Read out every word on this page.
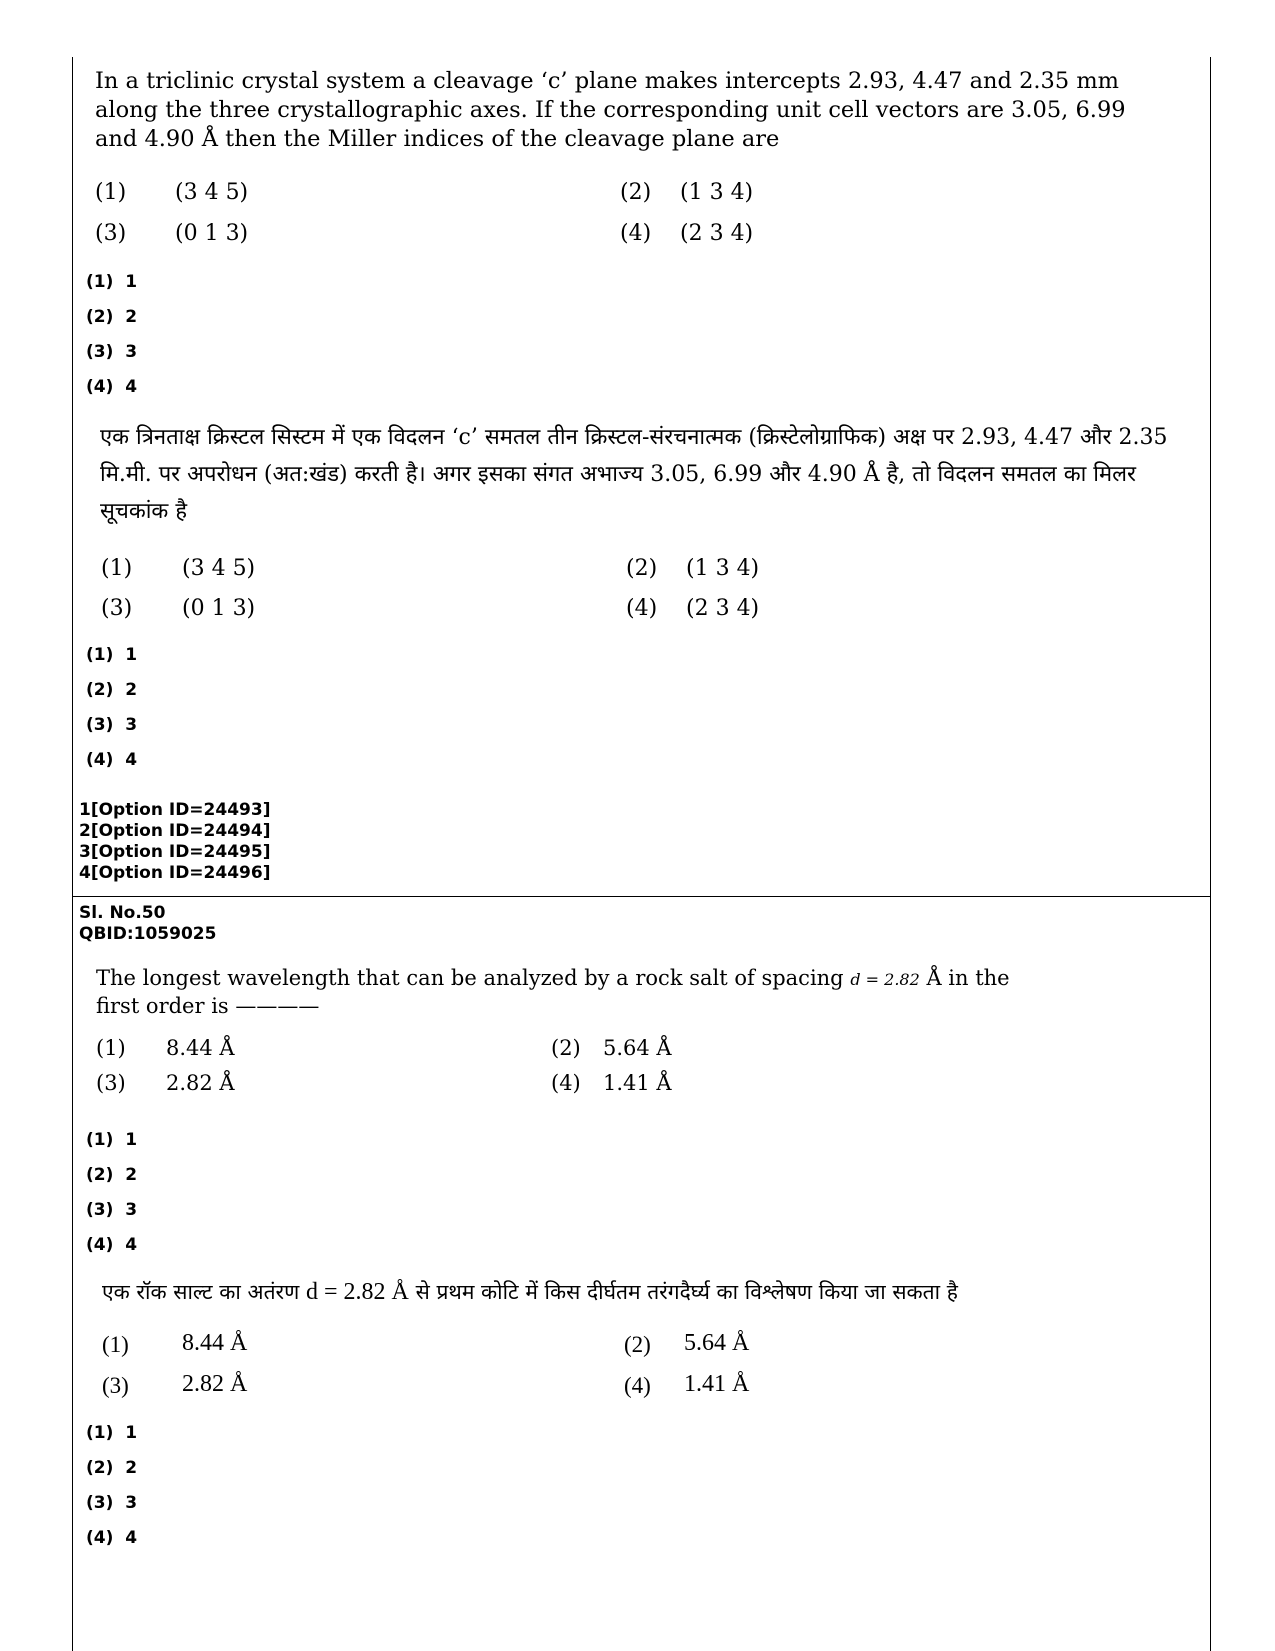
In a triclinic crystal system a cleavage ‘c’ plane makes intercepts 2.93, 4.47 and 2.35 mm along the three crystallographic axes. If the corresponding unit cell vectors are 3.05, 6.99 and 4.90 Å then the Miller indices of the cleavage plane are

(1) (3 4 5)	(2) (1 3 4)
(3) (0 1 3)	(4) (2 3 4)
(1)  1
(2)  2
(3)  3
(4)  4

एक त्रिनताक्ष क्रिस्टल सिस्टम में एक विदलन ‘c’ समतल तीन क्रिस्टल-संरचनात्मक (क्रिस्टेलोग्राफिक) अक्ष पर 2.93, 4.47 और 2.35 मि.मी. पर अपरोधन (अत:खंड) करती है। अगर इसका संगत अभाज्य 3.05, 6.99 और 4.90 Å है, तो विदलन समतल का मिलर सूचकांक है

(1) (3 4 5)	(2) (1 3 4)
(3) (0 1 3)	(4) (2 3 4)
(1)  1
(2)  2
(3)  3
(4)  4
1[Option ID=24493]
2[Option ID=24494]
3[Option ID=24495]
4[Option ID=24496]
Sl. No.50
QBID:1059025

The longest wavelength that can be analyzed by a rock salt of spacing d = 2.82 Å in the first order is ————

(1) 8.44 Å	(2) 5.64 Å
(3) 2.82 Å	(4) 1.41 Å
(1)  1
(2)  2
(3)  3
(4)  4

एक रॉक साल्ट का अतंरण d = 2.82 Å से प्रथम कोटि में किस दीर्घतम तरंगदैर्घ्य का विश्लेषण किया जा सकता है

(1) 8.44 Å	(2) 5.64 Å
(3) 2.82 Å	(4) 1.41 Å
(1)  1
(2)  2
(3)  3
(4)  4
